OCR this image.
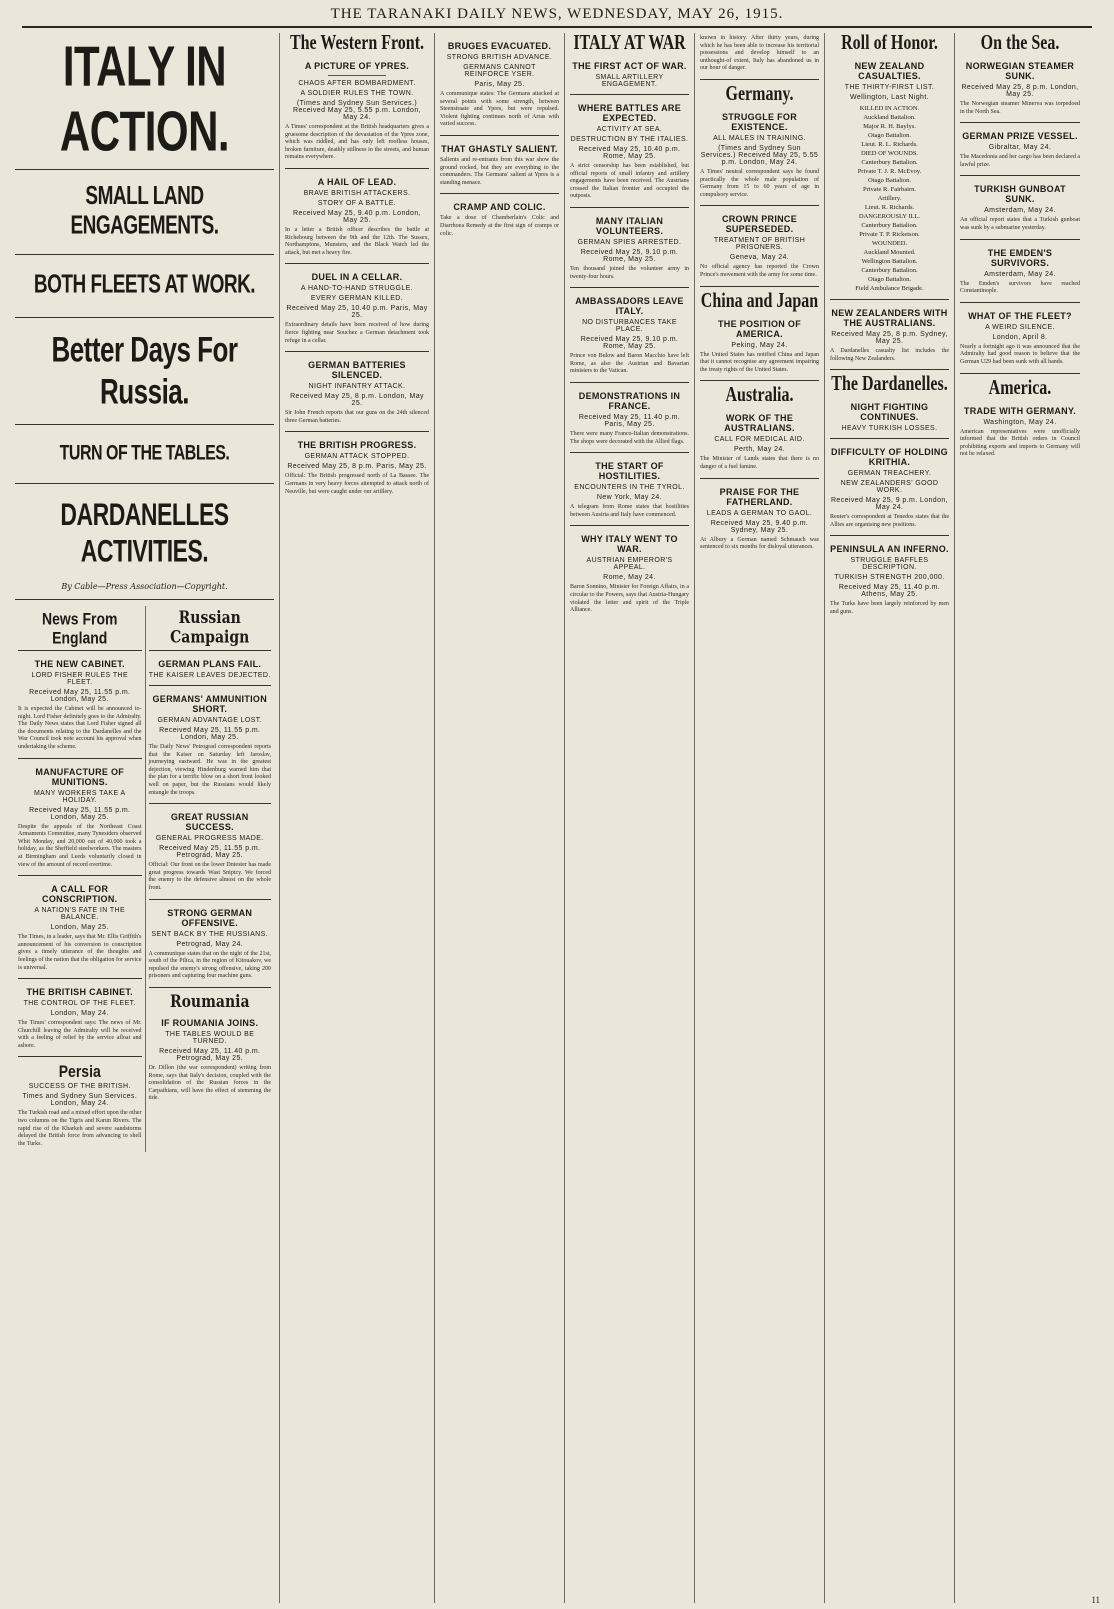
THE TARANAKI DAILY NEWS, WEDNESDAY, MAY 26, 1915.
ITALY IN ACTION.
SMALL LAND ENGAGEMENTS.
BOTH FLEETS AT WORK.
Better Days For Russia.
TURN OF THE TABLES.
DARDANELLES ACTIVITIES.
By Cable—Press Association—Copyright.
News From England
THE NEW CABINET.
LORD FISHER RULES THE FLEET.
Received May 25, 11.55 p.m. London, May 25.
It is expected the Cabinet will be announced to-night. Lord Fisher definitely goes to the Admiralty. The Daily News states that Lord Fisher signed all the documents relating to the Dardanelles and the War Council took note account his approval when undertaking the scheme.
MANUFACTURE OF MUNITIONS.
MANY WORKERS TAKE A HOLIDAY.
Received May 25, 11.55 p.m. London, May 25.
Despite the appeals of the Northeast Coast Armaments Committee, many Tynesiders observed Whit Monday, and 20,000 out of 40,000 took a holiday, as the Sheffield steelworkers. The masters at Birmingham and Leeds voluntarily closed in view of the amount of record overtime.
A CALL FOR CONSCRIPTION.
A NATION'S FATE IN THE BALANCE.
London, May 25.
The Times, in a leader, says that Mr. Ellis Griffith's announcement of his conversion to conscription gives a timely utterance of the thoughts and feelings of the nation that the obligation for service is universal.
THE BRITISH CABINET.
THE CONTROL OF THE FLEET.
London, May 24.
The Times' correspondent says: The news of Mr. Churchill leaving the Admiralty will be received with a feeling of relief by the service afloat and ashore.
Persia
SUCCESS OF THE BRITISH.
Times and Sydney Sun Services. London, May 24.
The Turkish road and a mixed effort upon the other two columns on the Tigris and Karun Rivers. The rapid rise of the Kharkeh and severe sandstorms delayed the British force from advancing to shell the Turks.
Russian Campaign
GERMAN PLANS FAIL.
THE KAISER LEAVES DEJECTED.
GERMANS' AMMUNITION SHORT.
GERMAN ADVANTAGE LOST.
Received May 25, 11.55 p.m. London, May 25.
The Daily News' Petrograd correspondent reports that the Kaiser on Saturday left Jaroslav, journeying eastward. He was in the greatest dejection, viewing Hindenburg warned him that the plan for a terrific blow on a short front looked well on paper, but the Russians would likely entangle the troops.
GREAT RUSSIAN SUCCESS.
GENERAL PROGRESS MADE.
Received May 25, 11.55 p.m. Petrograd, May 25.
Official: Our front on the lower Dniester has made great progress towards Wast Sniptcy. We forced the enemy to the defensive almost on the whole front.
STRONG GERMAN OFFENSIVE.
SENT BACK BY THE RUSSIANS.
Petrograd, May 24.
A communique states that on the night of the 21st, south of the Pilica, in the region of Kitouakov, we repulsed the enemy's strong offensive, taking 200 prisoners and capturing four machine guns.
Roumania
IF ROUMANIA JOINS.
THE TABLES WOULD BE TURNED.
Received May 25, 11.40 p.m. Petrograd, May 25.
Dr. Dillon (the war correspondent) writing from Rome, says that Italy's decision, coupled with the consolidation of the Russian forces in the Carpathians, will have the effect of stemming the tide.
The Western Front.
A PICTURE OF YPRES.
CHAOS AFTER BOMBARDMENT.
A SOLDIER RULES THE TOWN.
(Times and Sydney Sun Services.) Received May 25, 5.55 p.m. London, May 24.
A Times' correspondent at the British headquarters gives a gruesome description of the devastation of the Ypres zone, which was riddled, and has only left roofless houses, broken furniture, deathly stillness in the streets, and human remains everywhere.
A HAIL OF LEAD.
BRAVE BRITISH ATTACKERS.
STORY OF A BATTLE.
Received May 25, 9.40 p.m. London, May 25.
In a letter a British officer describes the battle at Richebourg between the 9th and the 12th. The Sussex, Northamptons, Munsters, and the Black Watch led the attack, but met a heavy fire.
DUEL IN A CELLAR.
A HAND-TO-HAND STRUGGLE.
EVERY GERMAN KILLED.
Received May 25, 10.40 p.m. Paris, May 25.
Extraordinary details have been received of how during fierce fighting near Souchez a German detachment took refuge in a cellar.
GERMAN BATTERIES SILENCED.
NIGHT INFANTRY ATTACK.
Received May 25, 8 p.m. London, May 25.
Sir John French reports that our guns on the 24th silenced three German batteries.
THE BRITISH PROGRESS.
GERMAN ATTACK STOPPED.
Received May 25, 8 p.m. Paris, May 25.
Official: The British progressed north of La Bassee. The Germans in very heavy forces attempted to attack north of Neuville, but were caught under our artillery.
BRUGES EVACUATED.
STRONG BRITISH ADVANCE.
GERMANS CANNOT REINFORCE YSER.
Paris, May 25.
A communique states: The Germans attacked at several points with some strength, between Steenstraate and Ypres, but were repulsed. Violent fighting continues north of Arras with varied success.
THAT GHASTLY SALIENT.
Salients and re-entrants from this war show the ground rocked, but they are everything to the commanders. The Germans' salient at Ypres is a standing menace.
CRAMP AND COLIC.
Take a dose of Chamberlain's Colic and Diarrhoea Remedy at the first sign of cramps or colic.
ITALY AT WAR
THE FIRST ACT OF WAR.
SMALL ARTILLERY ENGAGEMENT.
WHERE BATTLES ARE EXPECTED.
ACTIVITY AT SEA.
DESTRUCTION BY THE ITALIES.
Received May 25, 10.40 p.m. Rome, May 25.
A strict censorship has been established, but official reports of small infantry and artillery engagements have been received. The Austrians crossed the Italian frontier and occupied the outposts.
MANY ITALIAN VOLUNTEERS.
GERMAN SPIES ARRESTED.
Received May 25, 9.10 p.m. Rome, May 25.
Ten thousand joined the volunteer army in twenty-four hours.
AMBASSADORS LEAVE ITALY.
NO DISTURBANCES TAKE PLACE.
Received May 25, 9.10 p.m. Rome, May 25.
Prince von Bulow and Baron Macchio have left Rome, as also the Austrian and Bavarian ministers to the Vatican.
DEMONSTRATIONS IN FRANCE.
Received May 25, 11.40 p.m. Paris, May 25.
There were many Franco-Italian demonstrations. The shops were decorated with the Allied flags.
THE START OF HOSTILITIES.
ENCOUNTERS IN THE TYROL.
New York, May 24.
A telegram from Rome states that hostilities between Austria and Italy have commenced.
WHY ITALY WENT TO WAR.
AUSTRIAN EMPEROR'S APPEAL.
Rome, May 24.
Baron Sonnino, Minister for Foreign Affairs, in a circular to the Powers, says that Austria-Hungary violated the letter and spirit of the Triple Alliance.
known in history. After thirty years, during which he has been able to increase his territorial possessions and develop himself to an unthought-of extent, Italy has abandoned us in our hour of danger.
Germany.
STRUGGLE FOR EXISTENCE.
ALL MALES IN TRAINING.
(Times and Sydney Sun Services.) Received May 25, 5.55 p.m. London, May 24.
A Times' neutral correspondent says he found practically the whole male population of Germany from 15 to 60 years of age in compulsory service.
CROWN PRINCE SUPERSEDED.
TREATMENT OF BRITISH PRISONERS.
Geneva, May 24.
No official agency has reported the Crown Prince's movement with the army for some time.
China and Japan
THE POSITION OF AMERICA.
Peking, May 24.
The United States has notified China and Japan that it cannot recognise any agreement impairing the treaty rights of the United States.
Australia.
WORK OF THE AUSTRALIANS.
CALL FOR MEDICAL AID.
Perth, May 24.
The Minister of Lands states that there is no danger of a fuel famine.
PRAISE FOR THE FATHERLAND.
LEADS A GERMAN TO GAOL.
Received May 25, 9.40 p.m. Sydney, May 25.
At Albury a German named Schmauch was sentenced to six months for disloyal utterances.
Roll of Honor.
NEW ZEALAND CASUALTIES.
THE THIRTY-FIRST LIST.
Wellington, Last Night.
KILLED IN ACTION.
Auckland Battalion.
Major R. H. Baylys.
Otago Battalion.
Lieut. R. L. Richards.
DIED OF WOUNDS.
Canterbury Battalion.
Private T. J. R. McEvoy.
Otago Battalion.
Private R. Fairbairn.
Artillery.
Lieut. R. Richards.
DANGEROUSLY ILL.
Canterbury Battalion.
Private T. P. Ricketson.
WOUNDED.
Auckland Mounted.
Wellington Battalion.
Canterbury Battalion.
Otago Battalion.
Field Ambulance Brigade.
NEW ZEALANDERS WITH THE AUSTRALIANS.
Received May 25, 8 p.m. Sydney, May 25.
A Dardanelles casualty list includes the following New Zealanders.
The Dardanelles.
NIGHT FIGHTING CONTINUES.
HEAVY TURKISH LOSSES.
DIFFICULTY OF HOLDING KRITHIA.
GERMAN TREACHERY.
NEW ZEALANDERS' GOOD WORK.
Received May 25, 9 p.m. London, May 24.
Reuter's correspondent at Tenedos states that the Allies are organising new positions.
PENINSULA AN INFERNO.
STRUGGLE BAFFLES DESCRIPTION.
TURKISH STRENGTH 200,000.
Received May 25, 11.40 p.m. Athens, May 25.
The Turks have been largely reinforced by men and guns.
On the Sea.
NORWEGIAN STEAMER SUNK.
Received May 25, 8 p.m. London, May 25.
The Norwegian steamer Minerva was torpedoed in the North Sea.
GERMAN PRIZE VESSEL.
Gibraltar, May 24.
The Macedonia and her cargo has been declared a lawful prize.
TURKISH GUNBOAT SUNK.
Amsterdam, May 24.
An official report states that a Turkish gunboat was sunk by a submarine yesterday.
THE EMDEN'S SURVIVORS.
Amsterdam, May 24.
The Emden's survivors have reached Constantinople.
WHAT OF THE FLEET?
A WEIRD SILENCE.
London, April 8.
Nearly a fortnight ago it was announced that the Admiralty had good reason to believe that the German U29 had been sunk with all hands.
America.
TRADE WITH GERMANY.
Washington, May 24.
American representatives were unofficially informed that the British orders in Council prohibiting exports and imports to Germany will not be relaxed.
11
